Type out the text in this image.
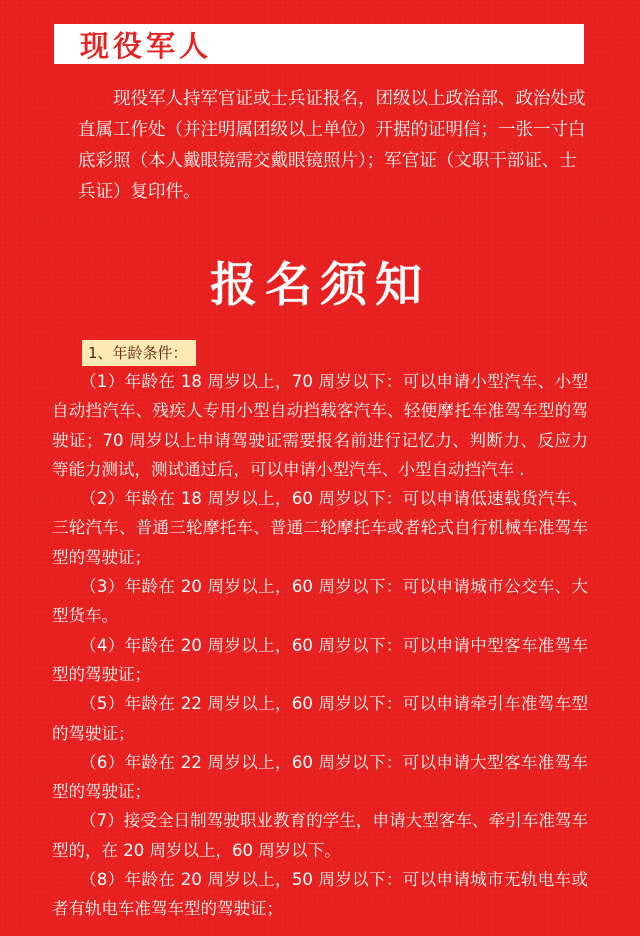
现役军人

现役军人持军官证或士兵证报名，团级以上政治部、政治处或直属工作处（并注明属团级以上单位）开据的证明信；一张一寸白底彩照（本人戴眼镜需交戴眼镜照片）；军官证（文职干部证、士兵证）复印件。

报名须知
1、年龄条件：
（1）年龄在 18 周岁以上，70 周岁以下：可以申请小型汽车、小型自动挡汽车、残疾人专用小型自动挡载客汽车、轻便摩托车准驾车型的驾驶证；70 周岁以上申请驾驶证需要报名前进行记忆力、判断力、反应力等能力测试，测试通过后，可以申请小型汽车、小型自动挡汽车 .
（2）年龄在 18 周岁以上，60 周岁以下：可以申请低速载货汽车、三轮汽车、普通三轮摩托车、普通二轮摩托车或者轮式自行机械车准驾车型的驾驶证；
（3）年龄在 20 周岁以上，60 周岁以下：可以申请城市公交车、大型货车。
（4）年龄在 20 周岁以上，60 周岁以下：可以申请中型客车准驾车型的驾驶证；
（5）年龄在 22 周岁以上，60 周岁以下：可以申请牵引车准驾车型的驾驶证；
（6）年龄在 22 周岁以上，60 周岁以下：可以申请大型客车准驾车型的驾驶证；
（7）接受全日制驾驶职业教育的学生，申请大型客车、牵引车准驾车型的，在 20 周岁以上，60 周岁以下。
（8）年龄在 20 周岁以上，50 周岁以下：可以申请城市无轨电车或者有轨电车准驾车型的驾驶证；
